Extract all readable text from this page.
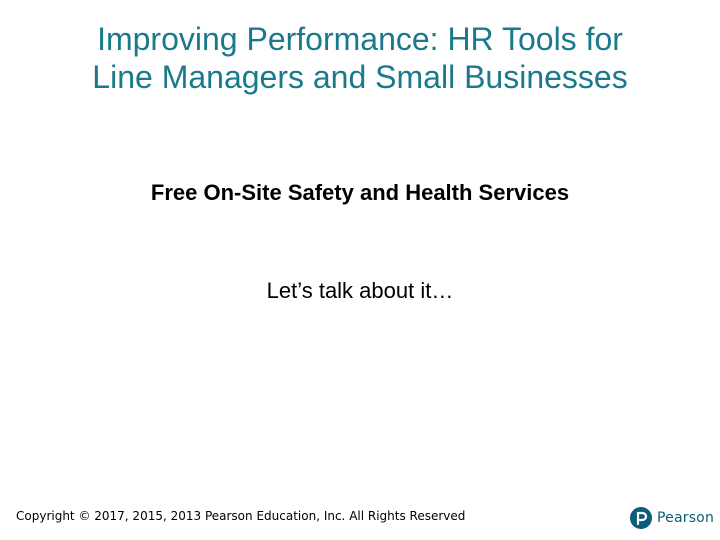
Improving Performance: HR Tools for
Line Managers and Small Businesses

Free On-Site Safety and Health Services

Let’s talk about it…

Copyright © 2017, 2015, 2013 Pearson Education, Inc. All Rights Reserved	Pearson
